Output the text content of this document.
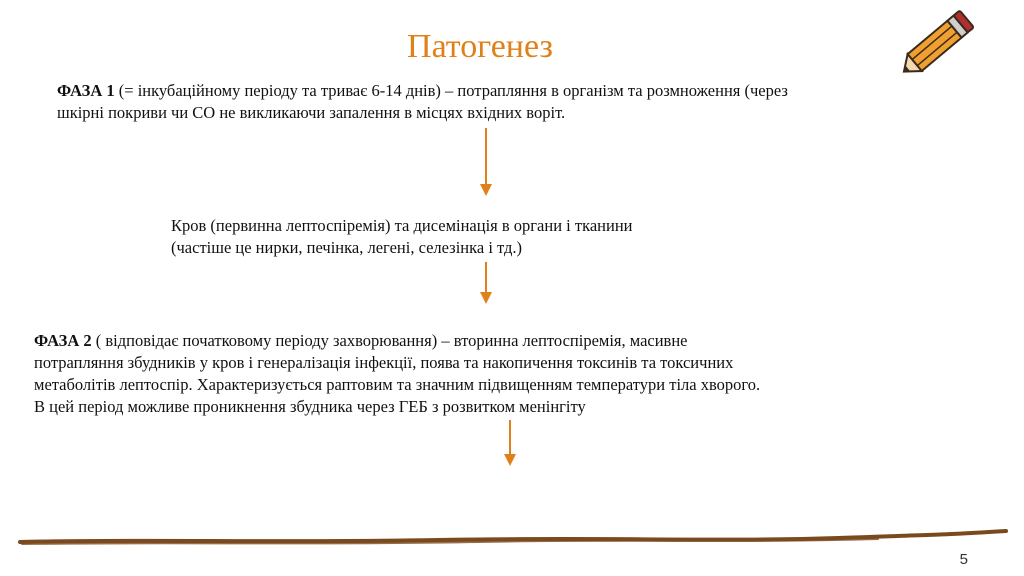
Патогенез
ФАЗА 1 (= інкубаційному періоду та триває 6-14 днів) – потрапляння в організм та розмноження (через
шкірні покриви чи СО не викликаючи запалення в місцях вхідних воріт.
Кров (первинна лептоспіремія) та дисемінація в органи і тканини
(частіше це нирки, печінка, легені, селезінка і тд.)
ФАЗА 2 ( відповідає початковому періоду захворювання) – вторинна лептоспіремія, масивне
потрапляння збудників у кров і генералізація інфекції, поява та накопичення токсинів та токсичних
метаболітів лептоспір. Характеризується раптовим та значним підвищенням температури тіла хворого.
В цей період можливе проникнення збудника через ГЕБ з розвитком менінгіту
5
